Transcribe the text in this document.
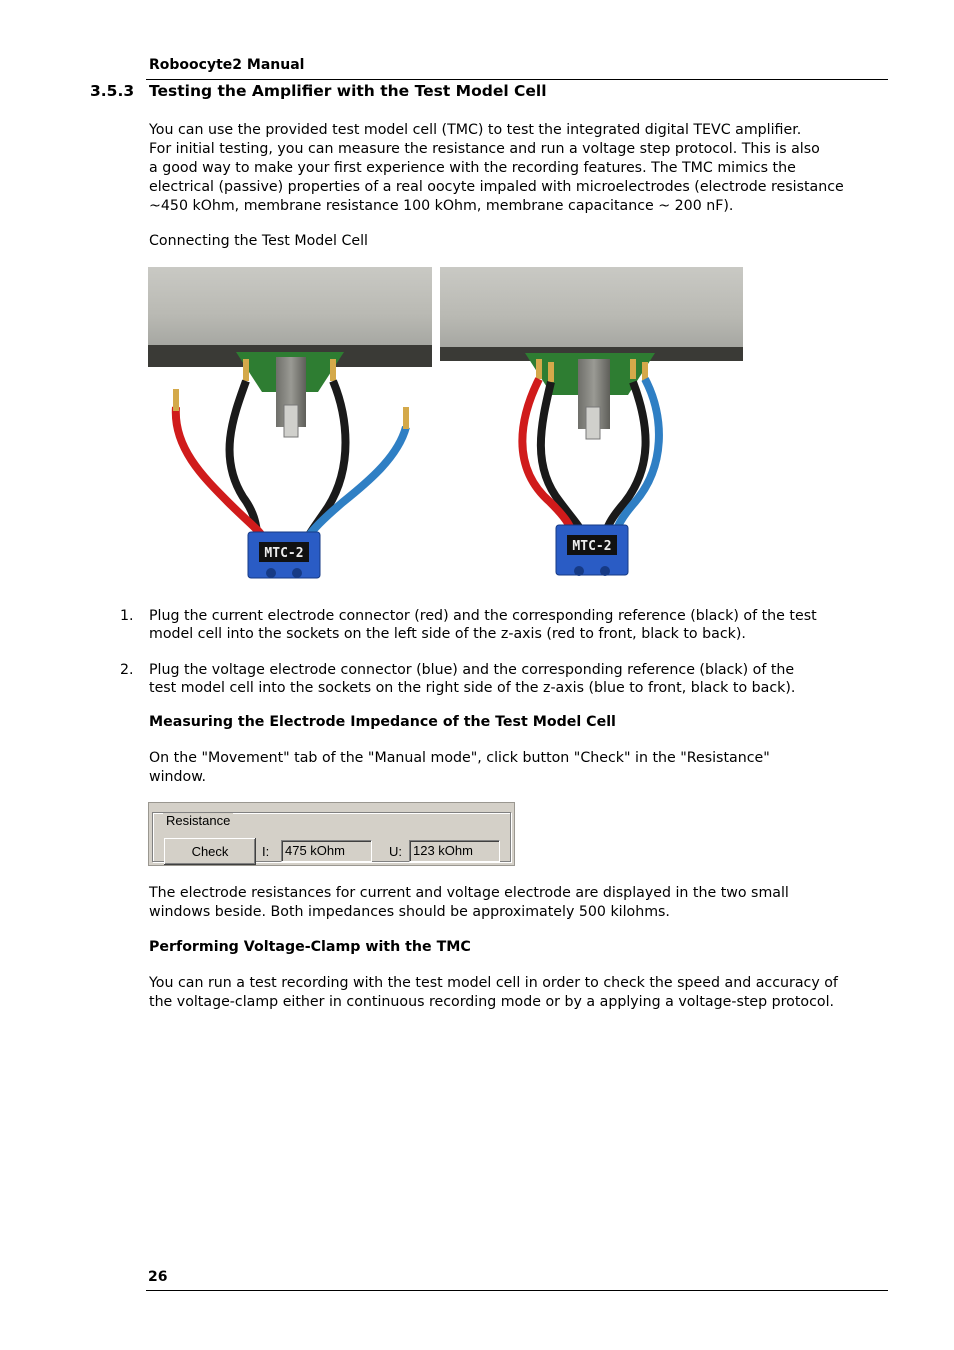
Roboocyte2 Manual
3.5.3 Testing the Amplifier with the Test Model Cell
You can use the provided test model cell (TMC) to test the integrated digital TEVC amplifier.
For initial testing, you can measure the resistance and run a voltage step protocol. This is also
a good way to make your first experience with the recording features. The TMC mimics the
electrical (passive) properties of a real oocyte impaled with microelectrodes (electrode resistance
~450 kOhm, membrane resistance 100 kOhm, membrane capacitance ~ 200 nF).
Connecting the Test Model Cell
MTC-2	MTC-2
1. Plug the current electrode connector (red) and the corresponding reference (black) of the test
model cell into the sockets on the left side of the z-axis (red to front, black to back).
2. Plug the voltage electrode connector (blue) and the corresponding reference (black) of the
test model cell into the sockets on the right side of the z-axis (blue to front, black to back).
Measuring the Electrode Impedance of the Test Model Cell
On the "Movement" tab of the "Manual mode", click button "Check" in the "Resistance"
window.
Resistance
Check	I:	475 kOhm	U: 123 kOhm
The electrode resistances for current and voltage electrode are displayed in the two small
windows beside. Both impedances should be approximately 500 kilohms.
Performing Voltage-Clamp with the TMC
You can run a test recording with the test model cell in order to check the speed and accuracy of
the voltage-clamp either in continuous recording mode or by a applying a voltage-step protocol.
26
